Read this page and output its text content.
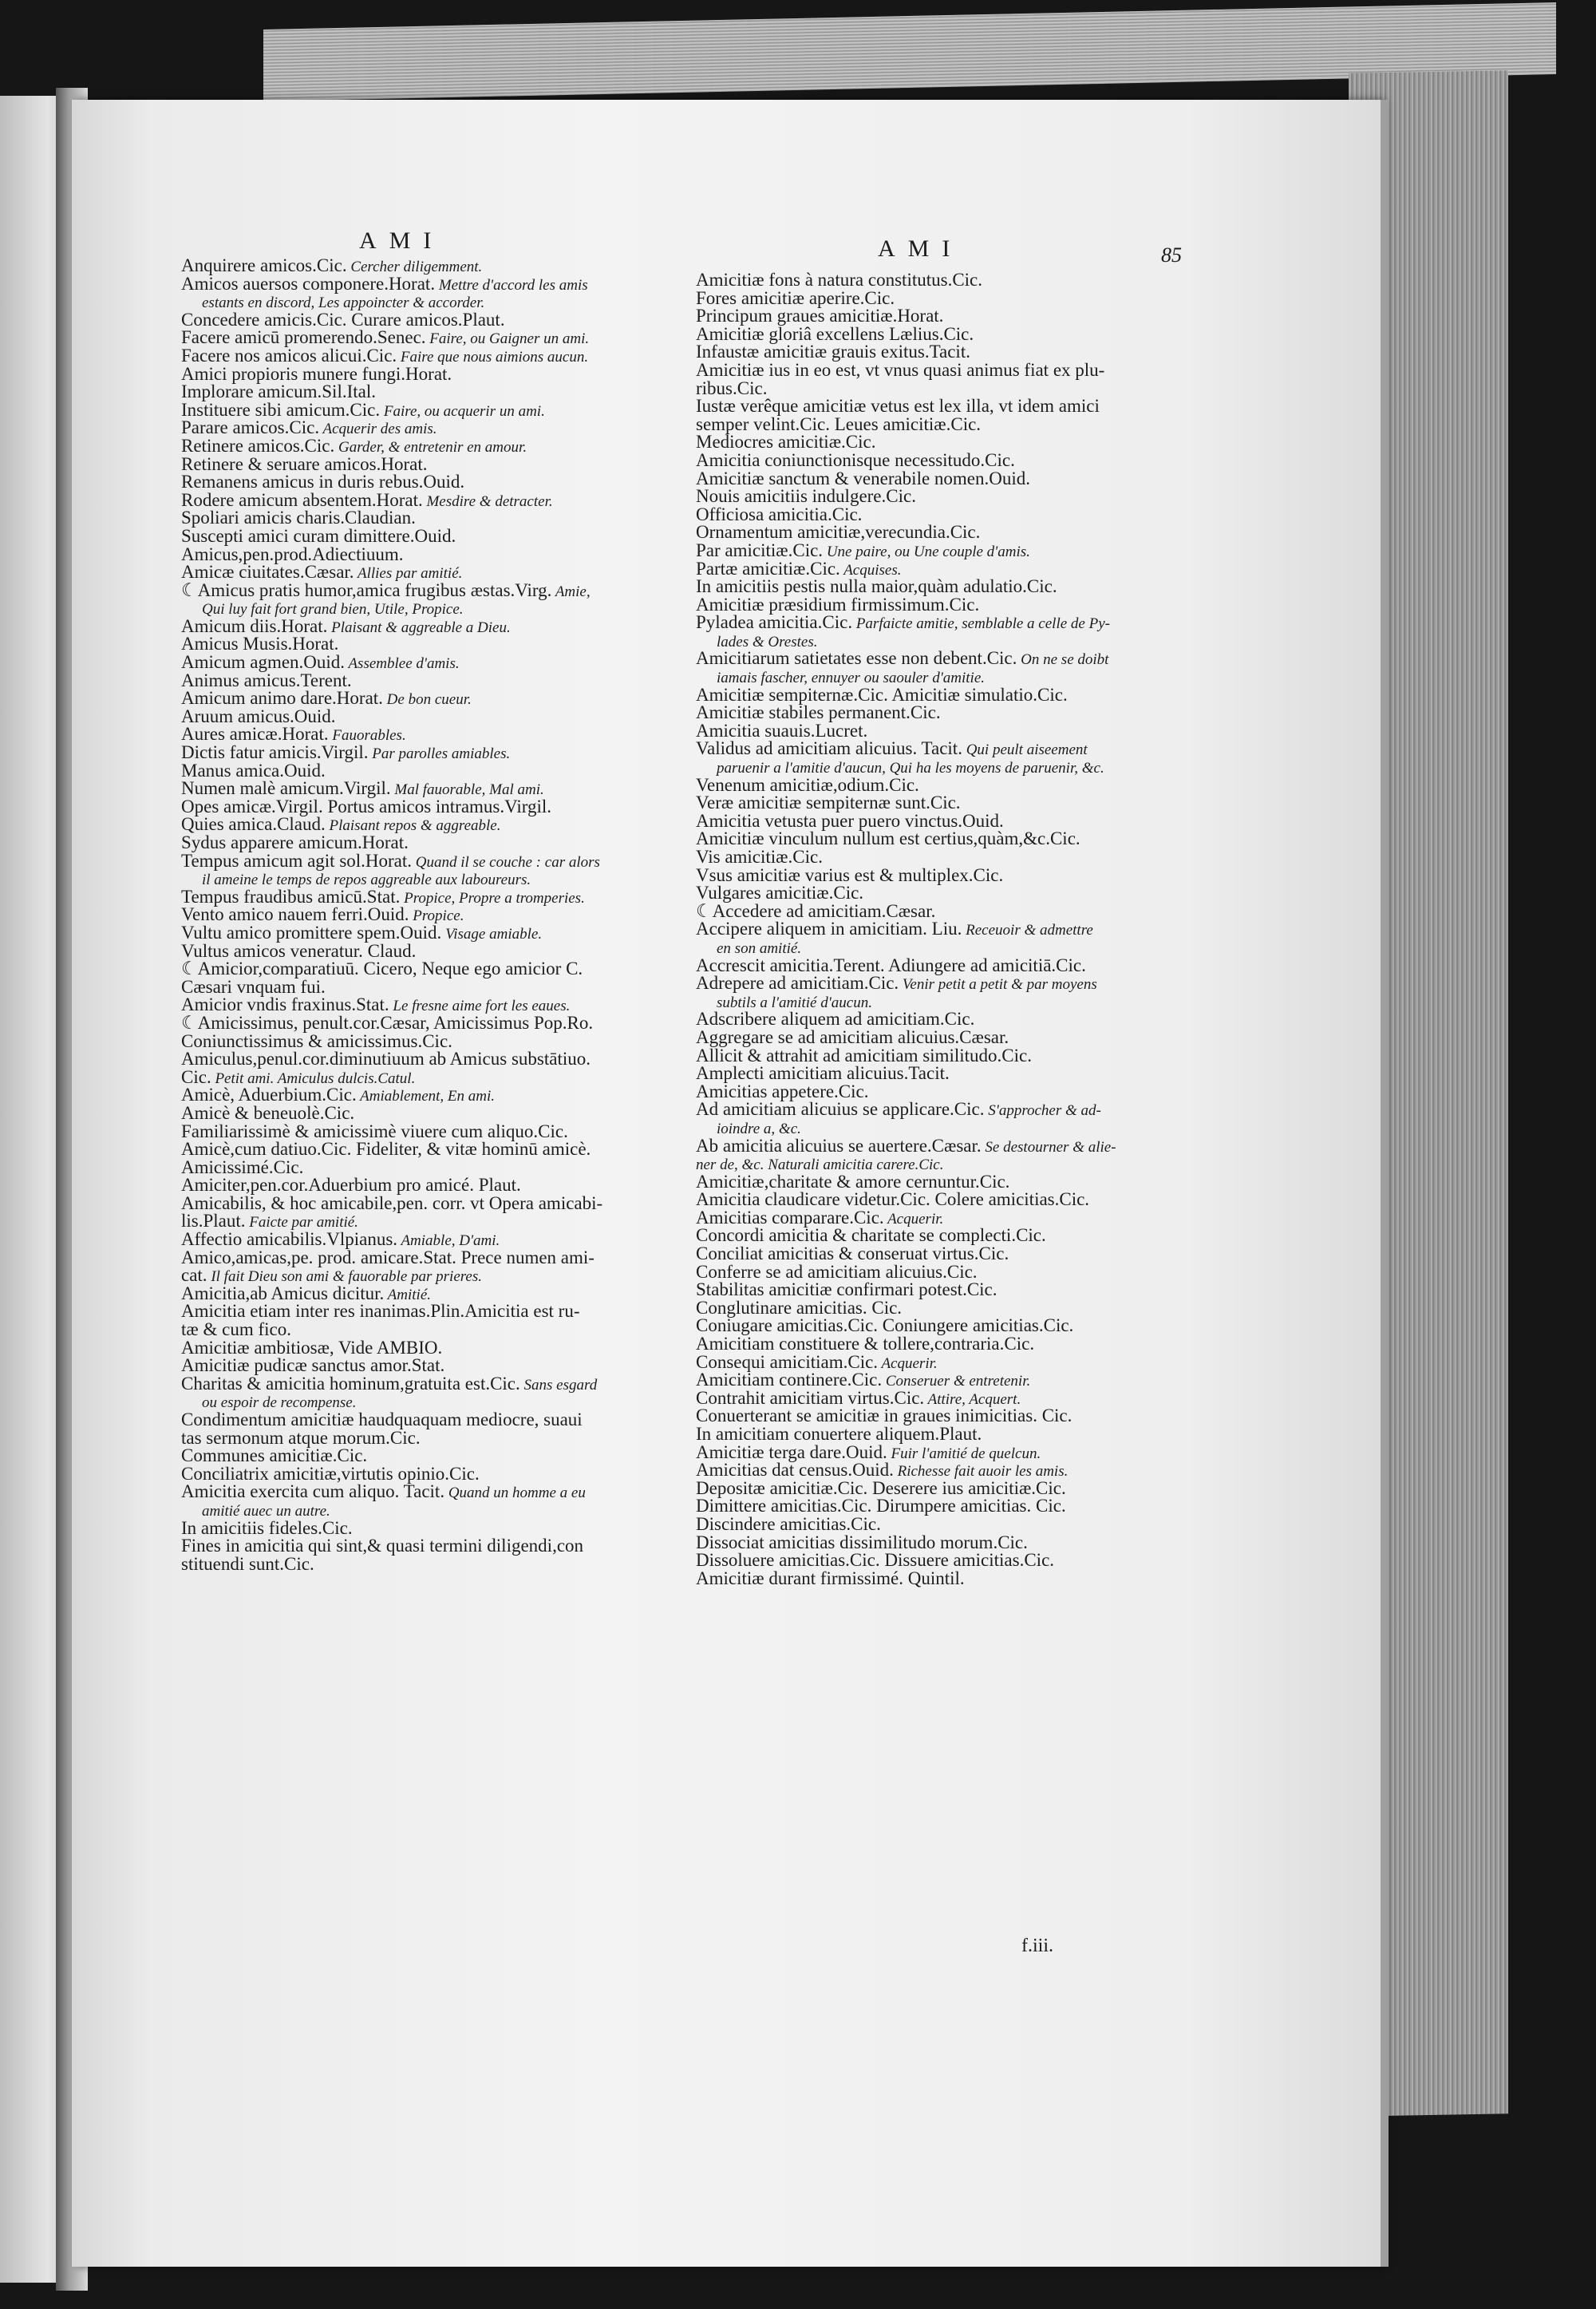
AMI	AMI	85
Anquirere amicos.Cic. Cercher diligemment.
Amicos auersos componere.Horat. Mettre d'accord les amis
estants en discord, Les appoincter & accorder.
Concedere amicis.Cic. Curare amicos.Plaut.
Facere amicū promerendo.Senec. Faire, ou Gaigner un ami.
Facere nos amicos alicui.Cic. Faire que nous aimions aucun.
Amici propioris munere fungi.Horat.
Implorare amicum.Sil.Ital.
Instituere sibi amicum.Cic. Faire, ou acquerir un ami.
Parare amicos.Cic. Acquerir des amis.
Retinere amicos.Cic. Garder, & entretenir en amour.
Retinere & seruare amicos.Horat.
Remanens amicus in duris rebus.Ouid.
Rodere amicum absentem.Horat. Mesdire & detracter.
Spoliari amicis charis.Claudian.
Suscepti amici curam dimittere.Ouid.
Amicus,pen.prod.Adiectiuum.
Amicæ ciuitates.Cæsar. Allies par amitié.
☾Amicus pratis humor,amica frugibus æstas.Virg. Amie,
Qui luy fait fort grand bien, Utile, Propice.
Amicum diis.Horat. Plaisant & aggreable a Dieu.
Amicus Musis.Horat.
Amicum agmen.Ouid. Assemblee d'amis.
Animus amicus.Terent.
Amicum animo dare.Horat. De bon cueur.
Aruum amicus.Ouid.
Aures amicæ.Horat. Fauorables.
Dictis fatur amicis.Virgil. Par parolles amiables.
Manus amica.Ouid.
Numen malè amicum.Virgil. Mal fauorable, Mal ami.
Opes amicæ.Virgil. Portus amicos intramus.Virgil.
Quies amica.Claud. Plaisant repos & aggreable.
Sydus apparere amicum.Horat.
Tempus amicum agit sol.Horat. Quand il se couche : car alors
il ameine le temps de repos aggreable aux laboureurs.
Tempus fraudibus amicū.Stat. Propice, Propre a tromperies.
Vento amico nauem ferri.Ouid. Propice.
Vultu amico promittere spem.Ouid. Visage amiable.
Vultus amicos veneratur. Claud.
☾Amicior,comparatiuū. Cicero, Neque ego amicior C.
Cæsari vnquam fui.
Amicior vndis fraxinus.Stat. Le fresne aime fort les eaues.
☾Amicissimus, penult.cor.Cæsar, Amicissimus Pop.Ro.
Coniunctissimus & amicissimus.Cic.
Amiculus,penul.cor.diminutiuum ab Amicus substātiuo.
Cic. Petit ami. Amiculus dulcis.Catul.
Amicè, Aduerbium.Cic. Amiablement, En ami.
Amicè & beneuolè.Cic.
Familiarissimè & amicissimè viuere cum aliquo.Cic.
Amicè,cum datiuo.Cic. Fideliter, & vitæ hominū amicè.
Amicissimé.Cic.
Amiciter,pen.cor.Aduerbium pro amicé. Plaut.
Amicabilis, & hoc amicabile,pen. corr. vt Opera amicabi-
lis.Plaut. Faicte par amitié.
Affectio amicabilis.Vlpianus. Amiable, D'ami.
Amico,amicas,pe. prod. amicare.Stat. Prece numen ami-
cat. Il fait Dieu son ami & fauorable par prieres.
Amicitia,ab Amicus dicitur. Amitié.
Amicitia etiam inter res inanimas.Plin.Amicitia est ru-
tæ & cum fico.
Amicitiæ ambitiosæ, Vide AMBIO.
Amicitiæ pudicæ sanctus amor.Stat.
Charitas & amicitia hominum,gratuita est.Cic. Sans esgard
ou espoir de recompense.
Condimentum amicitiæ haudquaquam mediocre, suaui
tas sermonum atque morum.Cic.
Communes amicitiæ.Cic.
Conciliatrix amicitiæ,virtutis opinio.Cic.
Amicitia exercita cum aliquo. Tacit. Quand un homme a eu
amitié auec un autre.
In amicitiis fideles.Cic.
Fines in amicitia qui sint,& quasi termini diligendi,con
stituendi sunt.Cic.
Amicitiæ fons à natura constitutus.Cic.
Fores amicitiæ aperire.Cic.
Principum graues amicitiæ.Horat.
Amicitiæ gloriâ excellens Lælius.Cic.
Infaustæ amicitiæ grauis exitus.Tacit.
Amicitiæ ius in eo est, vt vnus quasi animus fiat ex plu-
ribus.Cic.
Iustæ verêque amicitiæ vetus est lex illa, vt idem amici
semper velint.Cic. Leues amicitiæ.Cic.
Mediocres amicitiæ.Cic.
Amicitia coniunctionisque necessitudo.Cic.
Amicitiæ sanctum & venerabile nomen.Ouid.
Nouis amicitiis indulgere.Cic.
Officiosa amicitia.Cic.
Ornamentum amicitiæ,verecundia.Cic.
Par amicitiæ.Cic. Une paire, ou Une couple d'amis.
Partæ amicitiæ.Cic. Acquises.
In amicitiis pestis nulla maior,quàm adulatio.Cic.
Amicitiæ præsidium firmissimum.Cic.
Pyladea amicitia.Cic. Parfaicte amitie, semblable a celle de Py-
lades & Orestes.
Amicitiarum satietates esse non debent.Cic. On ne se doibt
iamais fascher, ennuyer ou saouler d'amitie.
Amicitiæ sempiternæ.Cic. Amicitiæ simulatio.Cic.
Amicitiæ stabiles permanent.Cic.
Amicitia suauis.Lucret.
Validus ad amicitiam alicuius. Tacit. Qui peult aiseement
paruenir a l'amitie d'aucun, Qui ha les moyens de paruenir, &c.
Venenum amicitiæ,odium.Cic.
Veræ amicitiæ sempiternæ sunt.Cic.
Amicitia vetusta puer puero vinctus.Ouid.
Amicitiæ vinculum nullum est certius,quàm,&c.Cic.
Vis amicitiæ.Cic.
Vsus amicitiæ varius est & multiplex.Cic.
Vulgares amicitiæ.Cic.
☾Accedere ad amicitiam.Cæsar.
Accipere aliquem in amicitiam. Liu. Receuoir & admettre
en son amitié.
Accrescit amicitia.Terent. Adiungere ad amicitiā.Cic.
Adrepere ad amicitiam.Cic. Venir petit a petit & par moyens
subtils a l'amitié d'aucun.
Adscribere aliquem ad amicitiam.Cic.
Aggregare se ad amicitiam alicuius.Cæsar.
Allicit & attrahit ad amicitiam similitudo.Cic.
Amplecti amicitiam alicuius.Tacit.
Amicitias appetere.Cic.
Ad amicitiam alicuius se applicare.Cic. S'approcher & ad-
ioindre a, &c.
Ab amicitia alicuius se auertere.Cæsar. Se destourner & alie-
ner de, &c. Naturali amicitia carere.Cic.
Amicitiæ,charitate & amore cernuntur.Cic.
Amicitia claudicare videtur.Cic. Colere amicitias.Cic.
Amicitias comparare.Cic. Acquerir.
Concordi amicitia & charitate se complecti.Cic.
Conciliat amicitias & conseruat virtus.Cic.
Conferre se ad amicitiam alicuius.Cic.
Stabilitas amicitiæ confirmari potest.Cic.
Conglutinare amicitias. Cic.
Coniugare amicitias.Cic. Coniungere amicitias.Cic.
Amicitiam constituere & tollere,contraria.Cic.
Consequi amicitiam.Cic. Acquerir.
Amicitiam continere.Cic. Conseruer & entretenir.
Contrahit amicitiam virtus.Cic. Attire, Acquert.
Conuerterant se amicitiæ in graues inimicitias. Cic.
In amicitiam conuertere aliquem.Plaut.
Amicitiæ terga dare.Ouid. Fuir l'amitié de quelcun.
Amicitias dat census.Ouid. Richesse fait auoir les amis.
Depositæ amicitiæ.Cic. Deserere ius amicitiæ.Cic.
Dimittere amicitias.Cic. Dirumpere amicitias. Cic.
Discindere amicitias.Cic.
Dissociat amicitias dissimilitudo morum.Cic.
Dissoluere amicitias.Cic. Dissuere amicitias.Cic.
Amicitiæ durant firmissimé. Quintil.
f.iii.
